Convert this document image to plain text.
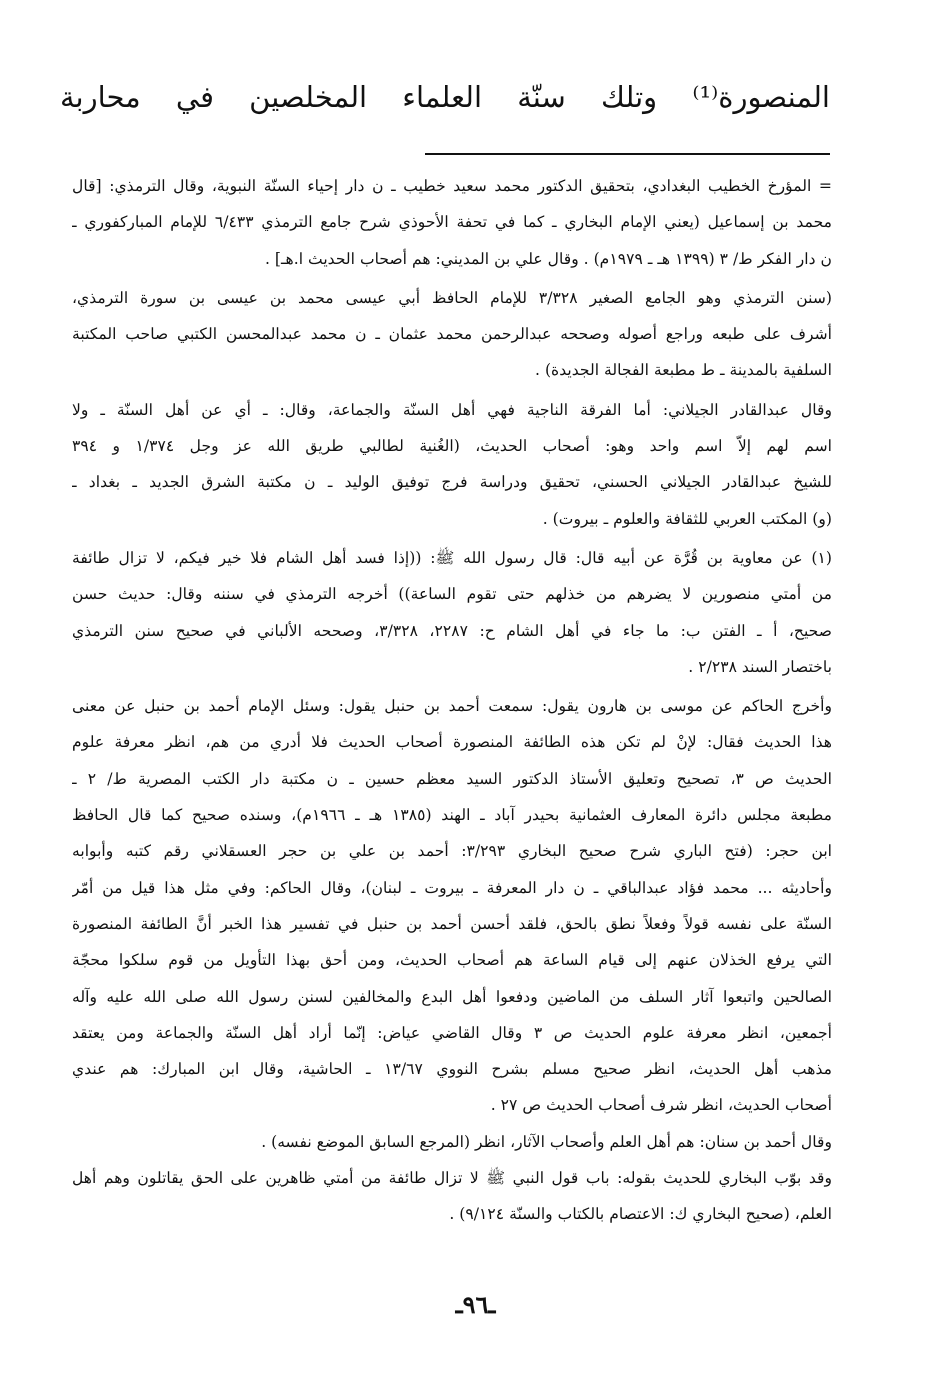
المنصورة⁽¹⁾ وتلك سنّة العلماء المخلصين في محاربة
= المؤرخ الخطيب البغدادي، بتحقيق الدكتور محمد سعيد خطيب ـ ن دار إحياء السنّة النبوية، وقال الترمذي: [قال
محمد بن إسماعيل (يعني الإمام البخاري ـ كما في تحفة الأحوذي شرح جامع الترمذي ٦/٤٣٣ للإمام المباركفوري ـ
ن دار الفكر ط/ ٣ (١٣٩٩ هـ ـ ١٩٧٩م) . وقال علي بن المديني: هم أصحاب الحديث ا.هـ] .
(سنن الترمذي وهو الجامع الصغير ٣/٣٢٨ للإمام الحافظ أبي عيسى محمد بن عيسى بن سورة الترمذي،
أشرف على طبعه وراجع أصوله وصححه عبدالرحمن محمد عثمان ـ ن محمد عبدالمحسن الكتبي صاحب المكتبة
السلفية بالمدينة ـ ط مطبعة الفجالة الجديدة) .
وقال عبدالقادر الجيلاني: أما الفرقة الناجية فهي أهل السنّة والجماعة، وقال: ـ أي عن أهل السنّة ـ ولا
اسم لهم إلاّ اسم واحد وهو: أصحاب الحديث، (الغُنية لطالبي طريق الله عز وجل ١/٣٧٤ و ٣٩٤
للشيخ عبدالقادر الجيلاني الحسني، تحقيق ودراسة فرج توفيق الوليد ـ ن مكتبة الشرق الجديد ـ بغداد ـ
(و) المكتب العربي للثقافة والعلوم ـ بيروت) .
(١) عن معاوية بن قُرَّة عن أبيه قال: قال رسول الله ﷺ: ((إذا فسد أهل الشام فلا خير فيكم، لا تزال طائفة
من أمتي منصورين لا يضرهم من خذلهم حتى تقوم الساعة)) أخرجه الترمذي في سننه وقال: حديث حسن
صحيح، أ ـ الفتن ب: ما جاء في أهل الشام ح: ٢٢٨٧، ٣/٣٢٨، وصححه الألباني في صحيح سنن الترمذي
باختصار السند ٢/٢٣٨ .
وأخرج الحاكم عن موسى بن هارون يقول: سمعت أحمد بن حنبل يقول: وسئل الإمام أحمد بن حنبل عن معنى
هذا الحديث فقال: لإنْ لم تكن هذه الطائفة المنصورة أصحاب الحديث فلا أدري من هم، انظر معرفة علوم
الحديث ص ٣، تصحيح وتعليق الأستاذ الدكتور السيد معظم حسين ـ ن مكتبة دار الكتب المصرية ط/ ٢ ـ
مطبعة مجلس دائرة المعارف العثمانية بحيدر آباد ـ الهند (١٣٨٥ هـ ـ ١٩٦٦م)، وسنده صحيح كما قال الحافظ
ابن حجر: (فتح الباري شرح صحيح البخاري ٣/٢٩٣: أحمد بن علي بن حجر العسقلاني رقم كتبه وأبوابه
وأحاديثه ... محمد فؤاد عبدالباقي ـ ن دار المعرفة ـ بيروت ـ لبنان)، وقال الحاكم: وفي مثل هذا قيل من أمّر
السنّة على نفسه قولاً وفعلاً نطق بالحق، فلقد أحسن أحمد بن حنبل في تفسير هذا الخبر أنَّ الطائفة المنصورة
التي يرفع الخذلان عنهم إلى قيام الساعة هم أصحاب الحديث، ومن أحق بهذا التأويل من قوم سلكوا محجّة
الصالحين واتبعوا آثار السلف من الماضين ودفعوا أهل البدع والمخالفين لسنن رسول الله صلى الله عليه وآله
أجمعين، انظر معرفة علوم الحديث ص ٣ وقال القاضي عياض: إنّما أراد أهل السنّة والجماعة ومن يعتقد
مذهب أهل الحديث، انظر صحيح مسلم بشرح النووي ١٣/٦٧ ـ الحاشية، وقال ابن المبارك: هم عندي
أصحاب الحديث، انظر شرف أصحاب الحديث ص ٢٧ .
وقال أحمد بن سنان: هم أهل العلم وأصحاب الآثار، انظر (المرجع السابق الموضع نفسه) .
وقد بوّب البخاري للحديث بقوله: باب قول النبي ﷺ لا تزال طائفة من أمتي ظاهرين على الحق يقاتلون وهم أهل
العلم، (صحيح البخاري ك: الاعتصام بالكتاب والسنّة ٩/١٢٤) .
ـ٩٦ـ
